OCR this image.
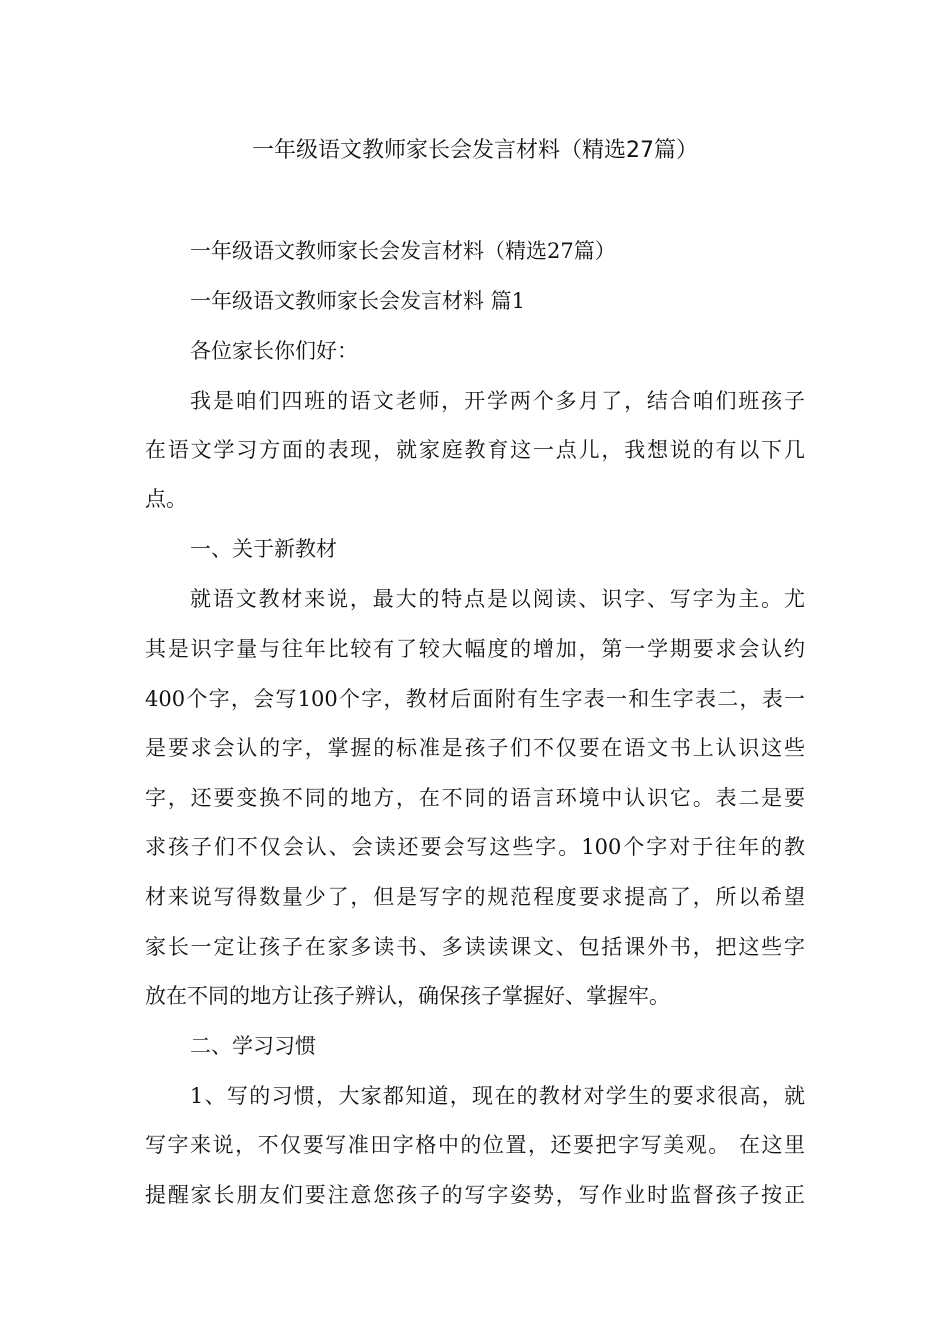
一年级语文教师家长会发言材料（精选27篇）
一年级语文教师家长会发言材料（精选27篇）
一年级语文教师家长会发言材料 篇1
各位家长你们好：
我是咱们四班的语文老师，开学两个多月了，结合咱们班孩子
在语文学习方面的表现，就家庭教育这一点儿，我想说的有以下几
点。
一、关于新教材
就语文教材来说，最大的特点是以阅读、识字、写字为主。尤
其是识字量与往年比较有了较大幅度的增加，第一学期要求会认约
400个字，会写100个字，教材后面附有生字表一和生字表二，表一
是要求会认的字，掌握的标准是孩子们不仅要在语文书上认识这些
字，还要变换不同的地方，在不同的语言环境中认识它。表二是要
求孩子们不仅会认、会读还要会写这些字。100个字对于往年的教
材来说写得数量少了，但是写字的规范程度要求提高了，所以希望
家长一定让孩子在家多读书、多读读课文、包括课外书，把这些字
放在不同的地方让孩子辨认，确保孩子掌握好、掌握牢。
二、学习习惯
1、写的习惯，大家都知道，现在的教材对学生的要求很高，就
写字来说，不仅要写准田字格中的位置，还要把字写美观。 在这里
提醒家长朋友们要注意您孩子的写字姿势，写作业时监督孩子按正
